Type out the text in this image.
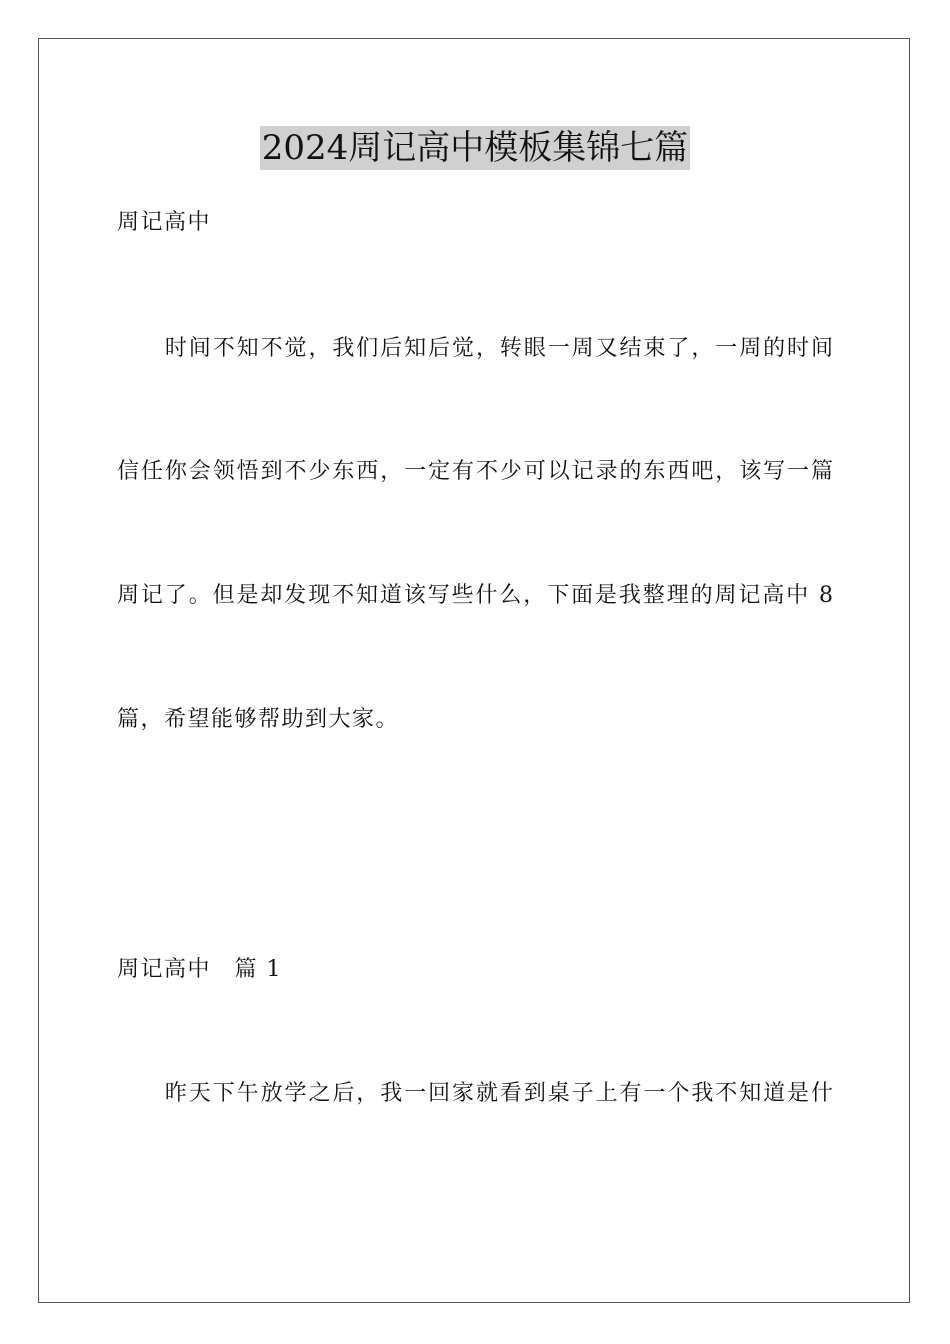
2024周记高中模板集锦七篇
周记高中
　　时间不知不觉，我们后知后觉，转眼一周又结束了，一周的时间
信任你会领悟到不少东西，一定有不少可以记录的东西吧，该写一篇
周记了。但是却发现不知道该写些什么，下面是我整理的周记高中 8
篇，希望能够帮助到大家。
周记高中　篇 1
　　昨天下午放学之后，我一回家就看到桌子上有一个我不知道是什
